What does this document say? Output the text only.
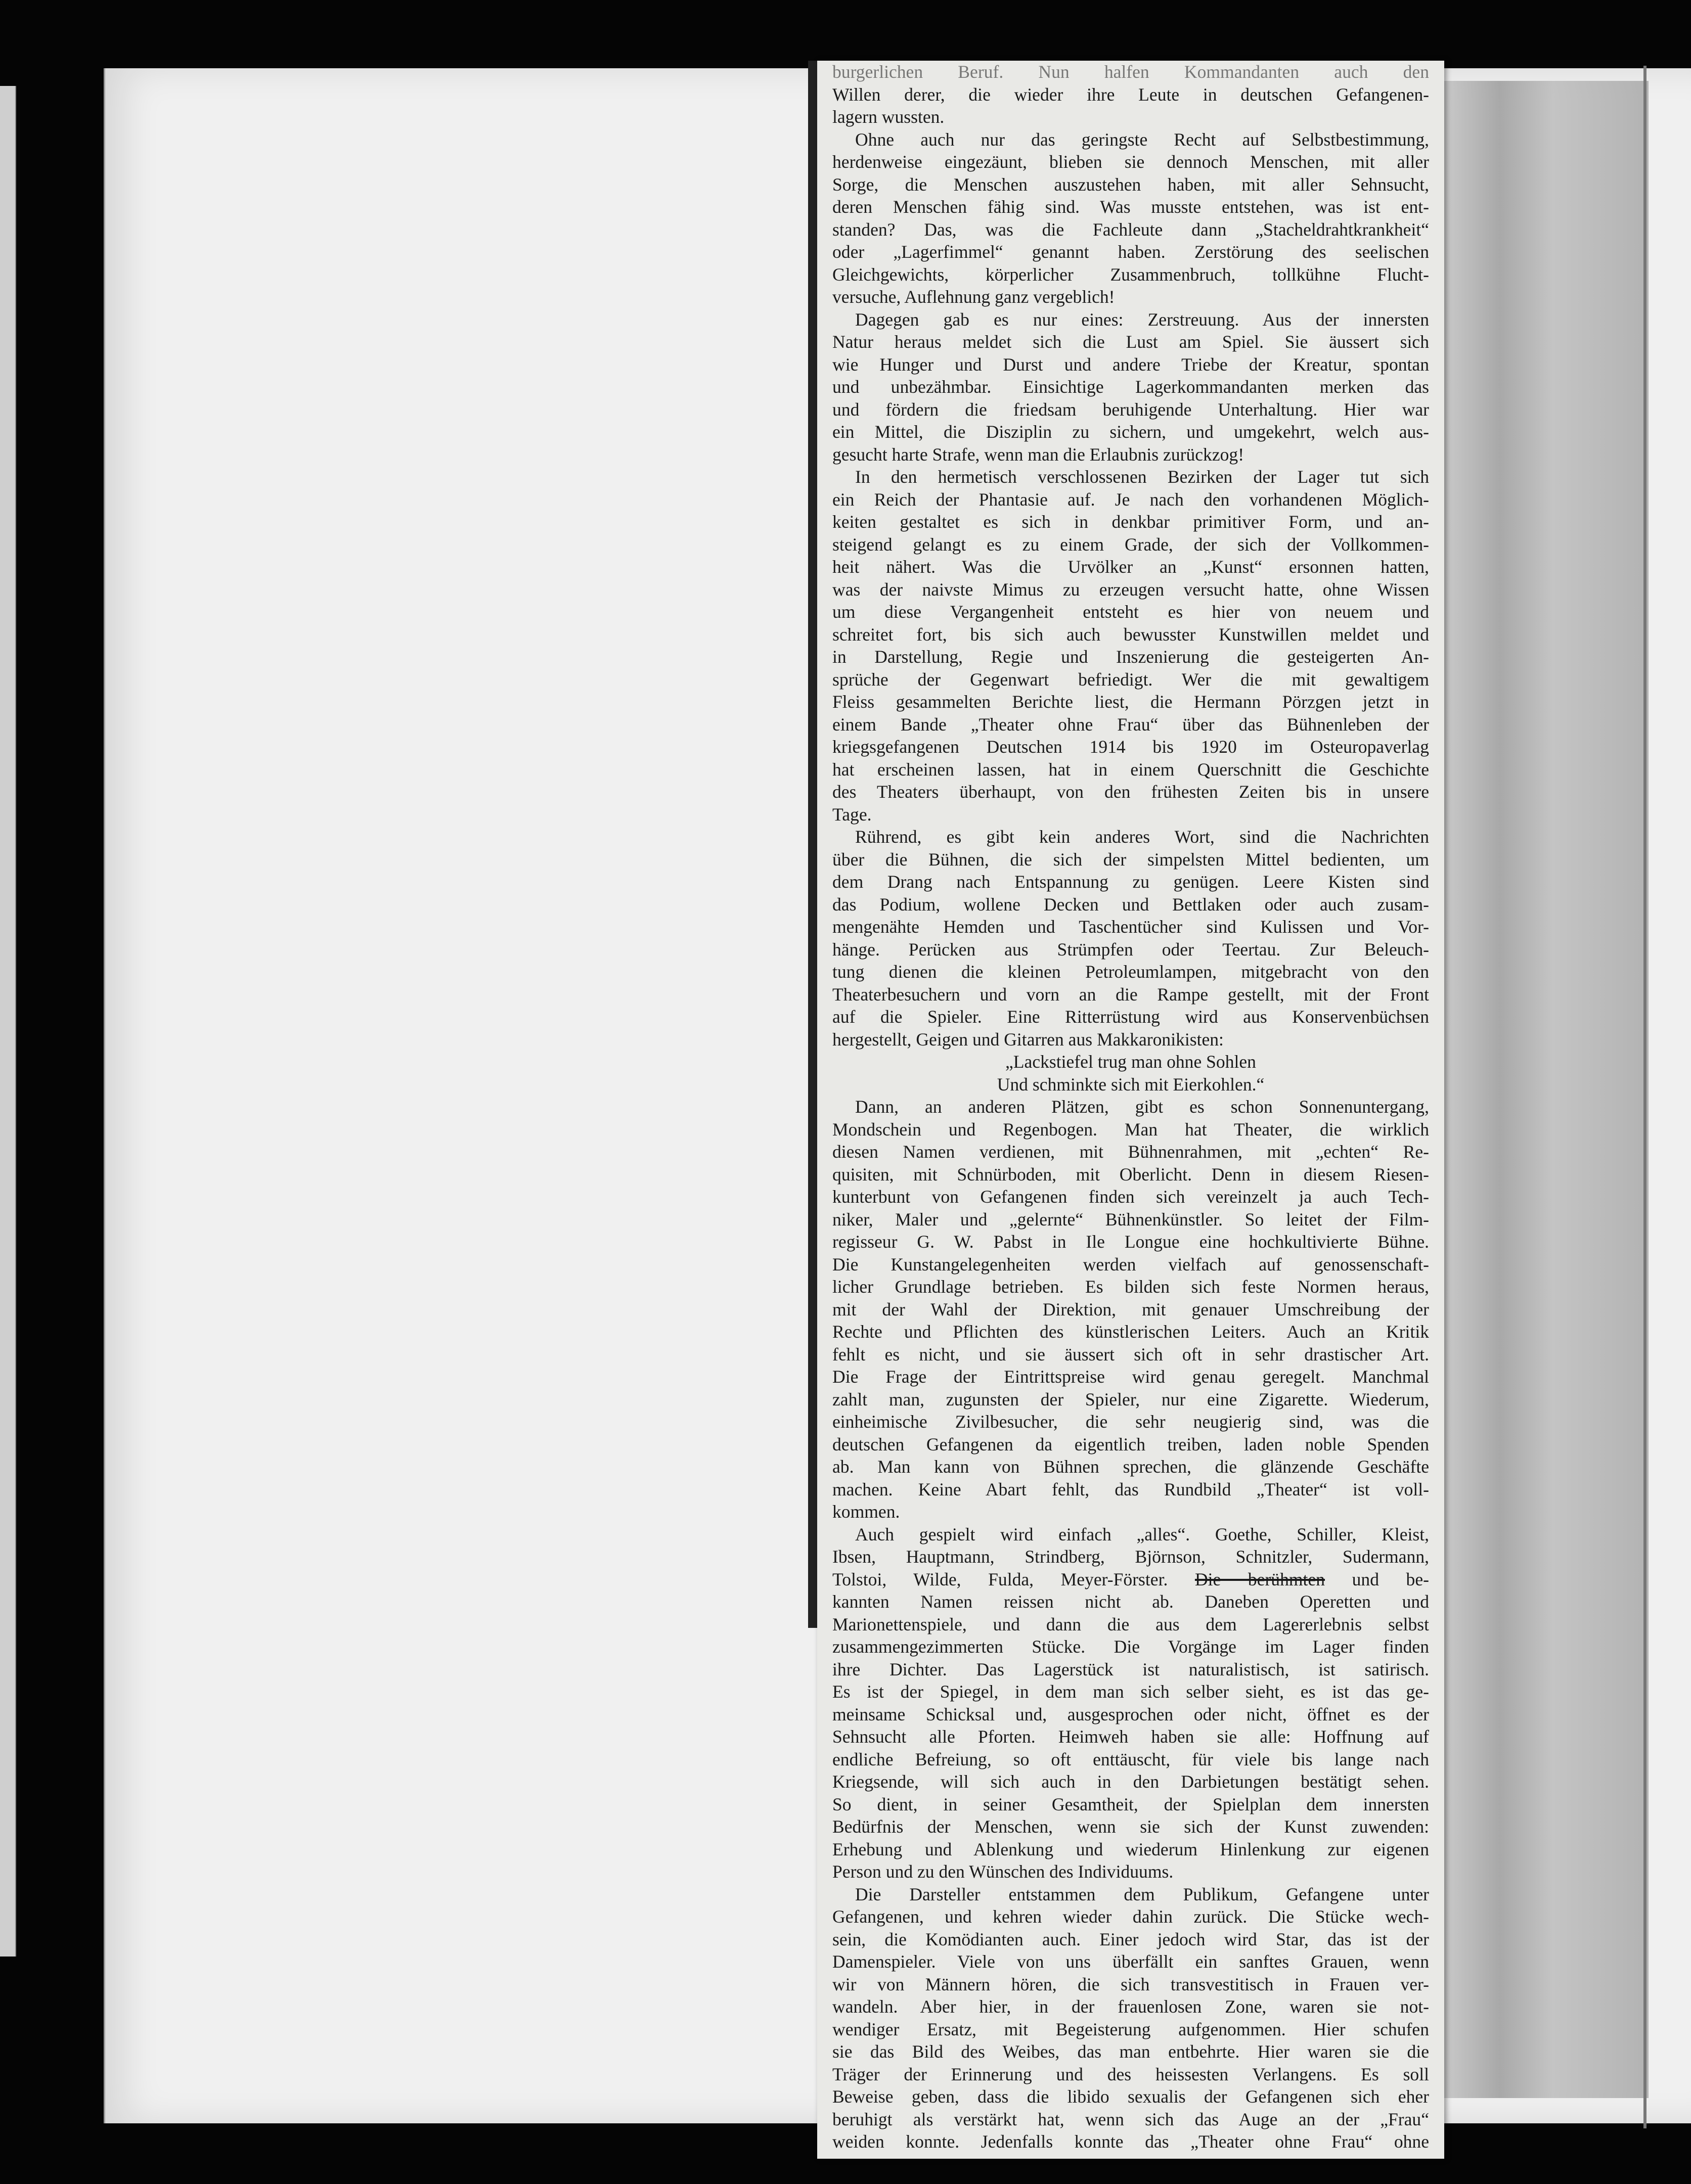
burgerlichen Beruf. Nun halfen Kommandanten auch den
Willen derer, die wieder ihre Leute in deutschen Gefangenen-
lagern wussten.
Ohne auch nur das geringste Recht auf Selbstbestimmung,
herdenweise eingezäunt, blieben sie dennoch Menschen, mit aller
Sorge, die Menschen auszustehen haben, mit aller Sehnsucht,
deren Menschen fähig sind. Was musste entstehen, was ist ent-
standen? Das, was die Fachleute dann „Stacheldrahtkrankheit“
oder „Lagerfimmel“ genannt haben. Zerstörung des seelischen
Gleichgewichts, körperlicher Zusammenbruch, tollkühne Flucht-
versuche, Auflehnung ganz vergeblich!
Dagegen gab es nur eines: Zerstreuung. Aus der innersten
Natur heraus meldet sich die Lust am Spiel. Sie äussert sich
wie Hunger und Durst und andere Triebe der Kreatur, spontan
und unbezähmbar. Einsichtige Lagerkommandanten merken das
und fördern die friedsam beruhigende Unterhaltung. Hier war
ein Mittel, die Disziplin zu sichern, und umgekehrt, welch aus-
gesucht harte Strafe, wenn man die Erlaubnis zurückzog!
In den hermetisch verschlossenen Bezirken der Lager tut sich
ein Reich der Phantasie auf. Je nach den vorhandenen Möglich-
keiten gestaltet es sich in denkbar primitiver Form, und an-
steigend gelangt es zu einem Grade, der sich der Vollkommen-
heit nähert. Was die Urvölker an „Kunst“ ersonnen hatten,
was der naivste Mimus zu erzeugen versucht hatte, ohne Wissen
um diese Vergangenheit entsteht es hier von neuem und
schreitet fort, bis sich auch bewusster Kunstwillen meldet und
in Darstellung, Regie und Inszenierung die gesteigerten An-
sprüche der Gegenwart befriedigt. Wer die mit gewaltigem
Fleiss gesammelten Berichte liest, die Hermann Pörzgen jetzt in
einem Bande „Theater ohne Frau“ über das Bühnenleben der
kriegsgefangenen Deutschen 1914 bis 1920 im Osteuropaverlag
hat erscheinen lassen, hat in einem Querschnitt die Geschichte
des Theaters überhaupt, von den frühesten Zeiten bis in unsere
Tage.
Rührend, es gibt kein anderes Wort, sind die Nachrichten
über die Bühnen, die sich der simpelsten Mittel bedienten, um
dem Drang nach Entspannung zu genügen. Leere Kisten sind
das Podium, wollene Decken und Bettlaken oder auch zusam-
mengenähte Hemden und Taschentücher sind Kulissen und Vor-
hänge. Perücken aus Strümpfen oder Teertau. Zur Beleuch-
tung dienen die kleinen Petroleumlampen, mitgebracht von den
Theaterbesuchern und vorn an die Rampe gestellt, mit der Front
auf die Spieler. Eine Ritterrüstung wird aus Konservenbüchsen
hergestellt, Geigen und Gitarren aus Makkaronikisten:
„Lackstiefel trug man ohne Sohlen
Und schminkte sich mit Eierkohlen.“
Dann, an anderen Plätzen, gibt es schon Sonnenuntergang,
Mondschein und Regenbogen. Man hat Theater, die wirklich
diesen Namen verdienen, mit Bühnenrahmen, mit „echten“ Re-
quisiten, mit Schnürboden, mit Oberlicht. Denn in diesem Riesen-
kunterbunt von Gefangenen finden sich vereinzelt ja auch Tech-
niker, Maler und „gelernte“ Bühnenkünstler. So leitet der Film-
regisseur G. W. Pabst in Ile Longue eine hochkultivierte Bühne.
Die Kunstangelegenheiten werden vielfach auf genossenschaft-
licher Grundlage betrieben. Es bilden sich feste Normen heraus,
mit der Wahl der Direktion, mit genauer Umschreibung der
Rechte und Pflichten des künstlerischen Leiters. Auch an Kritik
fehlt es nicht, und sie äussert sich oft in sehr drastischer Art.
Die Frage der Eintrittspreise wird genau geregelt. Manchmal
zahlt man, zugunsten der Spieler, nur eine Zigarette. Wiederum,
einheimische Zivilbesucher, die sehr neugierig sind, was die
deutschen Gefangenen da eigentlich treiben, laden noble Spenden
ab. Man kann von Bühnen sprechen, die glänzende Geschäfte
machen. Keine Abart fehlt, das Rundbild „Theater“ ist voll-
kommen.
Auch gespielt wird einfach „alles“. Goethe, Schiller, Kleist,
Ibsen, Hauptmann, Strindberg, Björnson, Schnitzler, Sudermann,
Tolstoi, Wilde, Fulda, Meyer-Förster. Die berühmten und be-
kannten Namen reissen nicht ab. Daneben Operetten und
Marionettenspiele, und dann die aus dem Lagererlebnis selbst
zusammengezimmerten Stücke. Die Vorgänge im Lager finden
ihre Dichter. Das Lagerstück ist naturalistisch, ist satirisch.
Es ist der Spiegel, in dem man sich selber sieht, es ist das ge-
meinsame Schicksal und, ausgesprochen oder nicht, öffnet es der
Sehnsucht alle Pforten. Heimweh haben sie alle: Hoffnung auf
endliche Befreiung, so oft enttäuscht, für viele bis lange nach
Kriegsende, will sich auch in den Darbietungen bestätigt sehen.
So dient, in seiner Gesamtheit, der Spielplan dem innersten
Bedürfnis der Menschen, wenn sie sich der Kunst zuwenden:
Erhebung und Ablenkung und wiederum Hinlenkung zur eigenen
Person und zu den Wünschen des Individuums.
Die Darsteller entstammen dem Publikum, Gefangene unter
Gefangenen, und kehren wieder dahin zurück. Die Stücke wech-
sein, die Komödianten auch. Einer jedoch wird Star, das ist der
Damenspieler. Viele von uns überfällt ein sanftes Grauen, wenn
wir von Männern hören, die sich transvestitisch in Frauen ver-
wandeln. Aber hier, in der frauenlosen Zone, waren sie not-
wendiger Ersatz, mit Begeisterung aufgenommen. Hier schufen
sie das Bild des Weibes, das man entbehrte. Hier waren sie die
Träger der Erinnerung und des heissesten Verlangens. Es soll
Beweise geben, dass die libido sexualis der Gefangenen sich eher
beruhigt als verstärkt hat, wenn sich das Auge an der „Frau“
weiden konnte. Jedenfalls konnte das „Theater ohne Frau“ ohne
